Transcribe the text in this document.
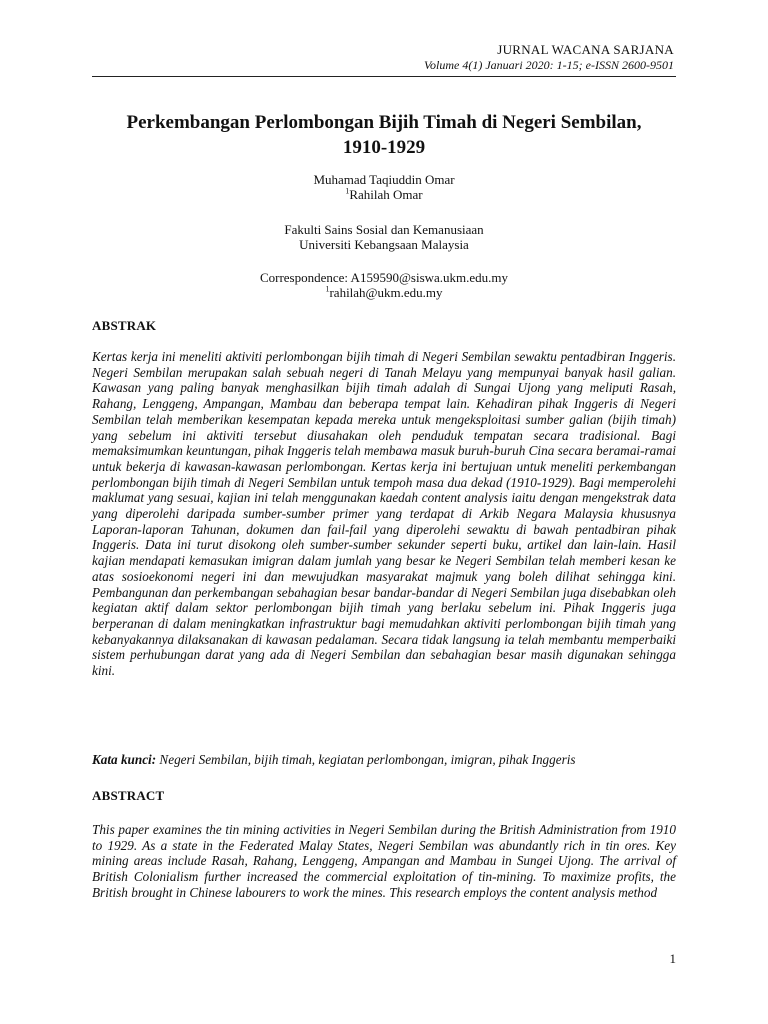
JURNAL WACANA SARJANA
Volume 4(1) Januari 2020: 1-15; e-ISSN 2600-9501
Perkembangan Perlombongan Bijih Timah di Negeri Sembilan,
1910-1929
Muhamad Taqiuddin Omar
$^1$Rahilah Omar
Fakulti Sains Sosial dan Kemanusiaan
Universiti Kebangsaan Malaysia
Correspondence: A159590@siswa.ukm.edu.my
$^1$rahilah@ukm.edu.my
ABSTRAK
Kertas kerja ini meneliti aktiviti perlombongan bijih timah di Negeri Sembilan sewaktu pentadbiran Inggeris. Negeri Sembilan merupakan salah sebuah negeri di Tanah Melayu yang mempunyai banyak hasil galian. Kawasan yang paling banyak menghasilkan bijih timah adalah di Sungai Ujong yang meliputi Rasah, Rahang, Lenggeng, Ampangan, Mambau dan beberapa tempat lain. Kehadiran pihak Inggeris di Negeri Sembilan telah memberikan kesempatan kepada mereka untuk mengeksploitasi sumber galian (bijih timah) yang sebelum ini aktiviti tersebut diusahakan oleh penduduk tempatan secara tradisional. Bagi memaksimumkan keuntungan, pihak Inggeris telah membawa masuk buruh-buruh Cina secara beramai-ramai untuk bekerja di kawasan-kawasan perlombongan. Kertas kerja ini bertujuan untuk meneliti perkembangan perlombongan bijih timah di Negeri Sembilan untuk tempoh masa dua dekad (1910-1929). Bagi memperolehi maklumat yang sesuai, kajian ini telah menggunakan kaedah content analysis iaitu dengan mengekstrak data yang diperolehi daripada sumber-sumber primer yang terdapat di Arkib Negara Malaysia khususnya Laporan-laporan Tahunan, dokumen dan fail-fail yang diperolehi sewaktu di bawah pentadbiran pihak Inggeris. Data ini turut disokong oleh sumber-sumber sekunder seperti buku, artikel dan lain-lain. Hasil kajian mendapati kemasukan imigran dalam jumlah yang besar ke Negeri Sembilan telah memberi kesan ke atas sosioekonomi negeri ini dan mewujudkan masyarakat majmuk yang boleh dilihat sehingga kini. Pembangunan dan perkembangan sebahagian besar bandar-bandar di Negeri Sembilan juga disebabkan oleh kegiatan aktif dalam sektor perlombongan bijih timah yang berlaku sebelum ini. Pihak Inggeris juga berperanan di dalam meningkatkan infrastruktur bagi memudahkan aktiviti perlombongan bijih timah yang kebanyakannya dilaksanakan di kawasan pedalaman. Secara tidak langsung ia telah membantu memperbaiki sistem perhubungan darat yang ada di Negeri Sembilan dan sebahagian besar masih digunakan sehingga kini.
Kata kunci: Negeri Sembilan, bijih timah, kegiatan perlombongan, imigran, pihak Inggeris
ABSTRACT
This paper examines the tin mining activities in Negeri Sembilan during the British Administration from 1910 to 1929. As a state in the Federated Malay States, Negeri Sembilan was abundantly rich in tin ores. Key mining areas include Rasah, Rahang, Lenggeng, Ampangan and Mambau in Sungei Ujong. The arrival of British Colonialism further increased the commercial exploitation of tin-mining. To maximize profits, the British brought in Chinese labourers to work the mines. This research employs the content analysis method
1
